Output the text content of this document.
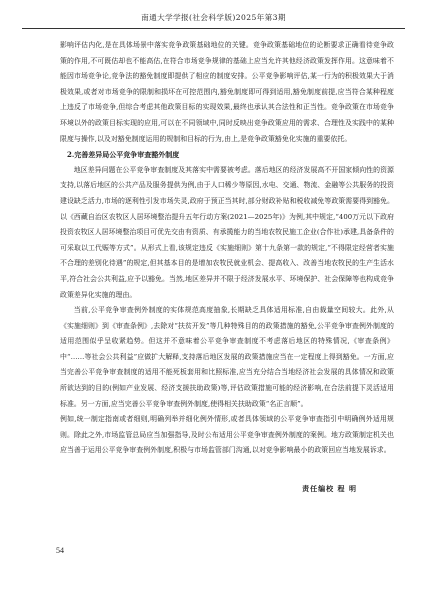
南通大学学报(社会科学版)2025年第3期

影响评估内化,是在具体场景中落实竞争政策基础地位的关键。竞争政策基础地位的论断要求正确看待竞争政策的作用,不可既估却也不能高估,在符合市场竞争规律的基础上应当允许其他经济政策发挥作用。这意味着不能因市场竞争论,竞争法的豁免制度即提供了相应的制度安排。公平竞争影响评估,某一行为的积极效果大于消极效果,或者对市场竞争的限制和损坏在可控范围内,豁免制度即可得到适用,豁免制度前提,应当符合某种程度上违反了市场竞争,但综合考虑其他政策目标的实现效果,最终也承认其合法性和正当性。竞争政策在市场竞争环境以外的政策目标实现的应用,可以在不同领域中,同时反映出竞争政策应用的需求、合理性及实践中的某种限度与操作,以及对豁免制度运用的规制和目标的行为,由上,是竞争政策豁免化实施的重要依托。

2.完善差异局公平竞争审查豁外制度

地区差异问题在公平竞争审查制度及其落实中需要被考虑。落后地区的经济发展高不开国家倾向性的资源支持,以落后地区的公共产品及服务提供为例,由于人口稀少等原因,水电、交通、物流、金融等公共服务的投资建设缺乏活力,市场的逐利性引发市场失灵,政府于预正当其时,部分财政补贴和税收减免等政策需要得到豁免。以《西藏自治区农牧区人居环境整治提升五年行动方案(2021—2025年)》为例,其中规定,“400万元以下政府投资农牧区人居环境整治项目可优先交由有资质、有承揽能力的当地农牧民施工企业(合作社)承建,具备条件的可采取以工代赈等方式”。从形式上看,该规定违反《实施细则》第十九条第一款的规定,“不得限定经营者实施不合理的差别化待遇”的规定,但其基本目的是增加农牧民就业机会、提高收入、改善当地农牧民的生产生活水平,符合社会公共利益,应予以豁免。当然,地区差异并不限于经济发展水平、环境保护、社会保障等也构成竞争政策差异化实施的理由。

当前,公平竞争审查例外制度的实体规范高度抽象,长期缺乏具体适用标准,自由裁量空间较大。此外,从《实施细则》到《审查条例》,去除对“扶贫开发”等几种特殊目的的政策措施的豁免,公平竞争审查例外制度的适用范围似乎呈收紧趋势。但这并不意味着公平竞争审查制度不考虑落后地区的特殊情况,《审查条例》中“……等社会公共利益”应做扩大解释,支持落后地区发展的政策措施应当在一定程度上得到豁免。一方面,应当完善公平竞争审查制度的适用不能死板套用和比照标准,应当充分结合当地经济社会发展的具体情况和政策所欲达到的目的(例如产业发展、经济支援扶助政策)等,评估政策措施可能的经济影响,在合法前提下灵活适用标准。另一方面,应当完善公平竞争审查例外制度,使得相关扶助政策“名正言顺”。

例如,统一制定指南或者细则,明确列举并细化例外情形,或者具体领域的公平竞争审查指引中明确例外适用规则。除此之外,市场监管总局应当加强指导,及时公布适用公平竞争审查例外制度的案例。地方政策制定机关也应当善于运用公平竞争审查例外制度,积极与市场监管部门沟通,以对竞争影响最小的政策回应当地发展诉求。

责任编校 程 明
54
